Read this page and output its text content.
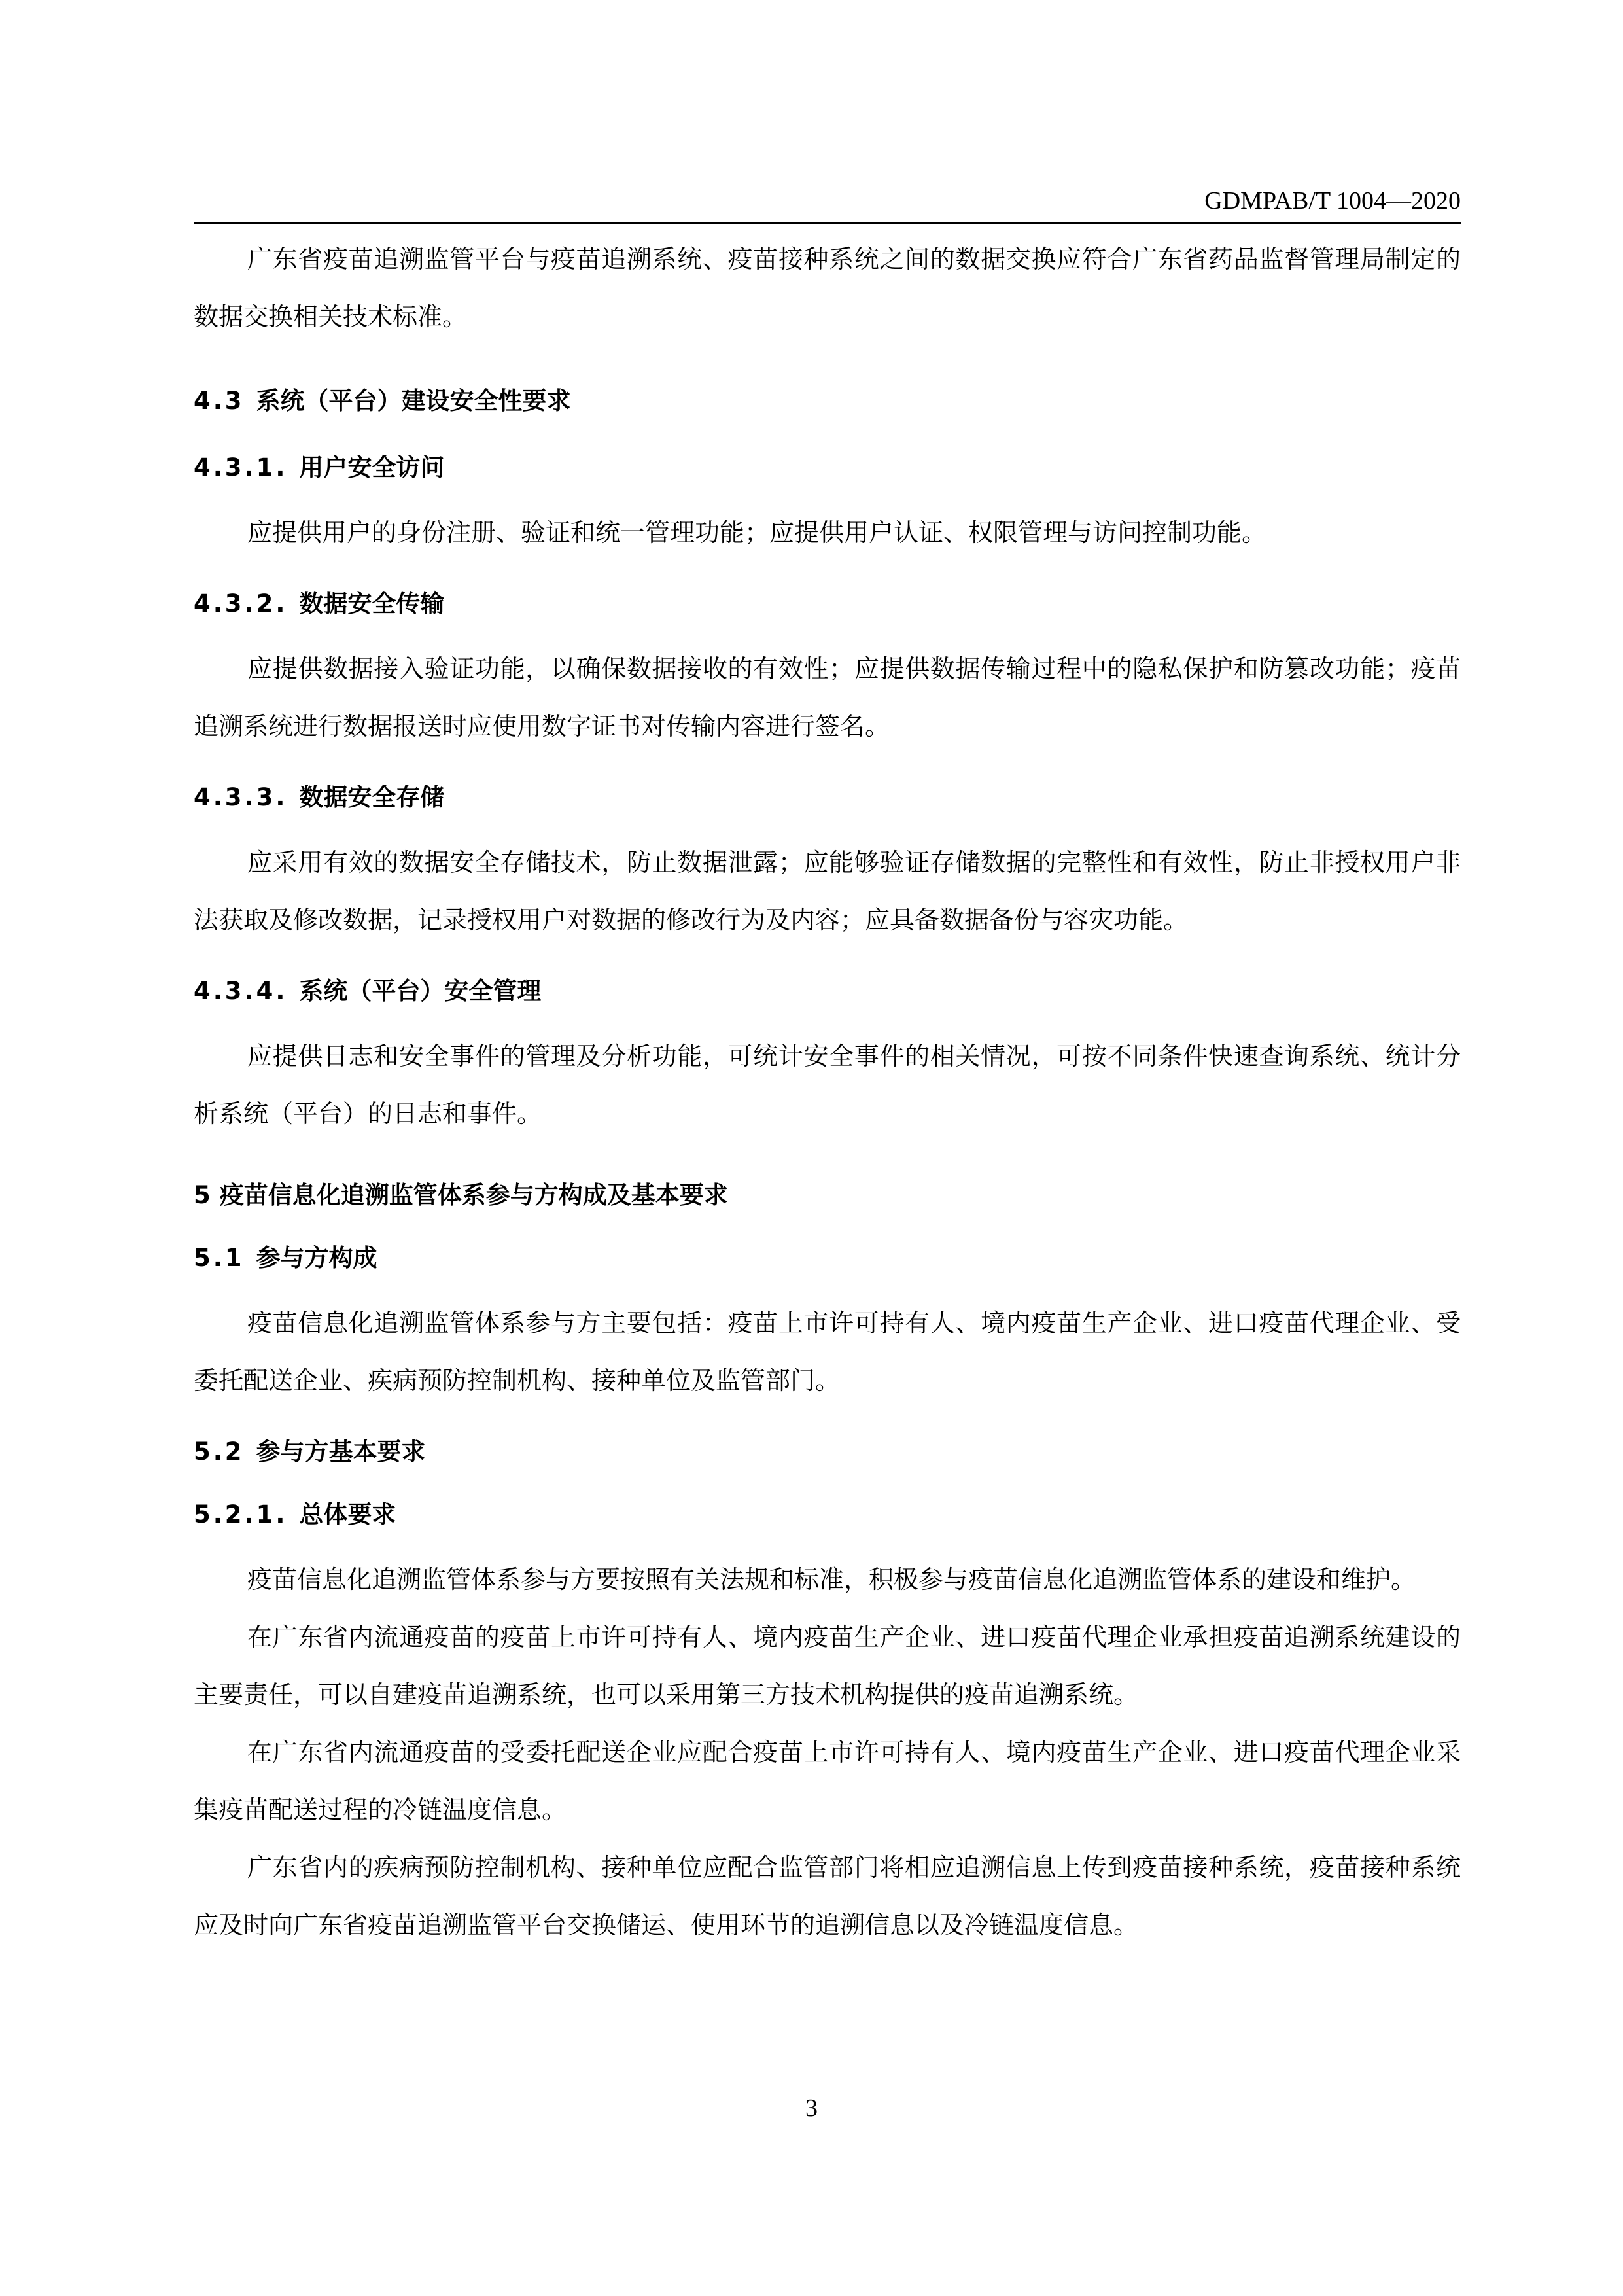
GDMPAB/T 1004—2020

广东省疫苗追溯监管平台与疫苗追溯系统、疫苗接种系统之间的数据交换应符合广东省药品监督管理局制定的数据交换相关技术标准。

4.3 系统（平台）建设安全性要求
4.3.1. 用户安全访问

应提供用户的身份注册、验证和统一管理功能；应提供用户认证、权限管理与访问控制功能。

4.3.2. 数据安全传输

应提供数据接入验证功能，以确保数据接收的有效性；应提供数据传输过程中的隐私保护和防篡改功能；疫苗追溯系统进行数据报送时应使用数字证书对传输内容进行签名。

4.3.3. 数据安全存储

应采用有效的数据安全存储技术，防止数据泄露；应能够验证存储数据的完整性和有效性，防止非授权用户非法获取及修改数据，记录授权用户对数据的修改行为及内容；应具备数据备份与容灾功能。

4.3.4. 系统（平台）安全管理

应提供日志和安全事件的管理及分析功能，可统计安全事件的相关情况，可按不同条件快速查询系统、统计分析系统（平台）的日志和事件。

5 疫苗信息化追溯监管体系参与方构成及基本要求
5.1 参与方构成

疫苗信息化追溯监管体系参与方主要包括：疫苗上市许可持有人、境内疫苗生产企业、进口疫苗代理企业、受委托配送企业、疾病预防控制机构、接种单位及监管部门。

5.2 参与方基本要求
5.2.1. 总体要求

疫苗信息化追溯监管体系参与方要按照有关法规和标准，积极参与疫苗信息化追溯监管体系的建设和维护。

在广东省内流通疫苗的疫苗上市许可持有人、境内疫苗生产企业、进口疫苗代理企业承担疫苗追溯系统建设的主要责任，可以自建疫苗追溯系统，也可以采用第三方技术机构提供的疫苗追溯系统。

在广东省内流通疫苗的受委托配送企业应配合疫苗上市许可持有人、境内疫苗生产企业、进口疫苗代理企业采集疫苗配送过程的冷链温度信息。

广东省内的疾病预防控制机构、接种单位应配合监管部门将相应追溯信息上传到疫苗接种系统，疫苗接种系统应及时向广东省疫苗追溯监管平台交换储运、使用环节的追溯信息以及冷链温度信息。

3
